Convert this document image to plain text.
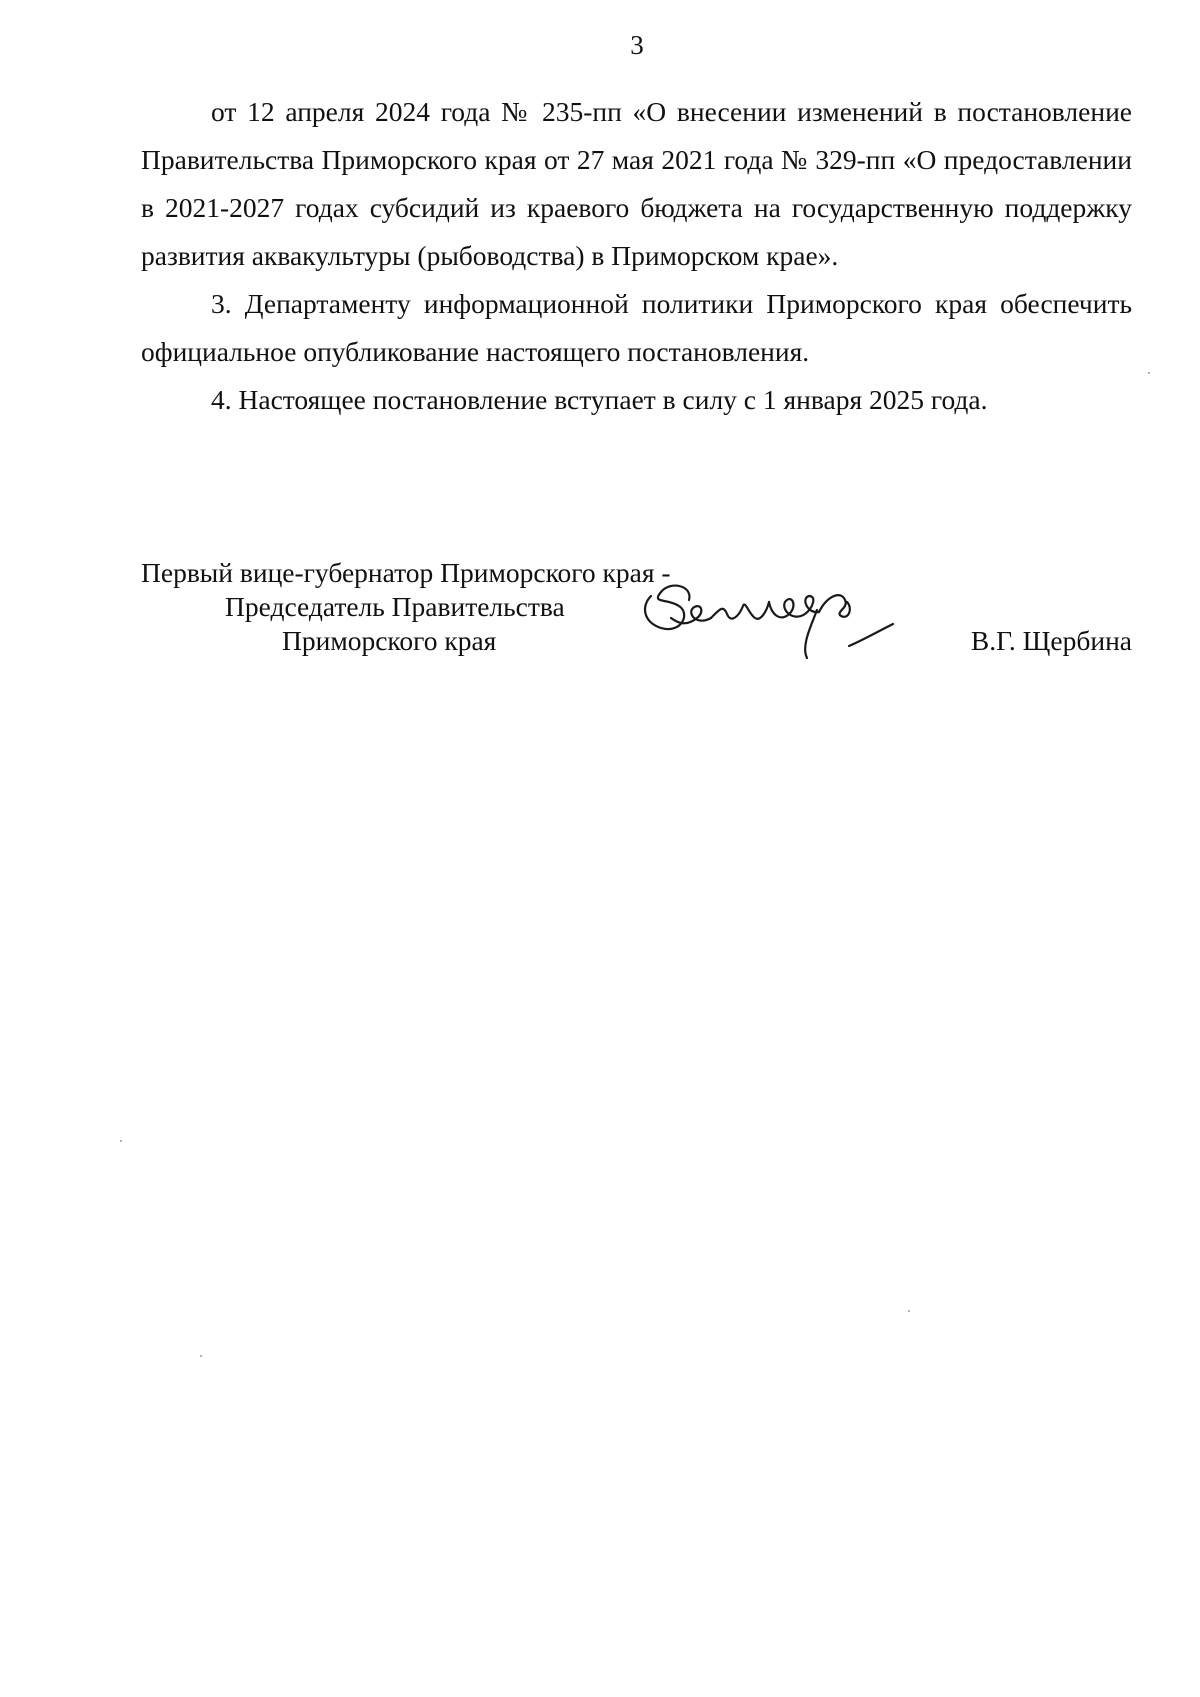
3

от 12 апреля 2024 года № 235-пп «О внесении изменений в постановление Правительства Приморского края от 27 мая 2021 года № 329-пп «О предоставлении в 2021-2027 годах субсидий из краевого бюджета на государственную поддержку развития аквакультуры (рыбоводства) в Приморском крае».

3. Департаменту информационной политики Приморского края обеспечить официальное опубликование настоящего постановления.

4. Настоящее постановление вступает в силу с 1 января 2025 года.

Первый вице-губернатор Приморского края -
Председатель Правительства
Приморского края	В.Г. Щербина
